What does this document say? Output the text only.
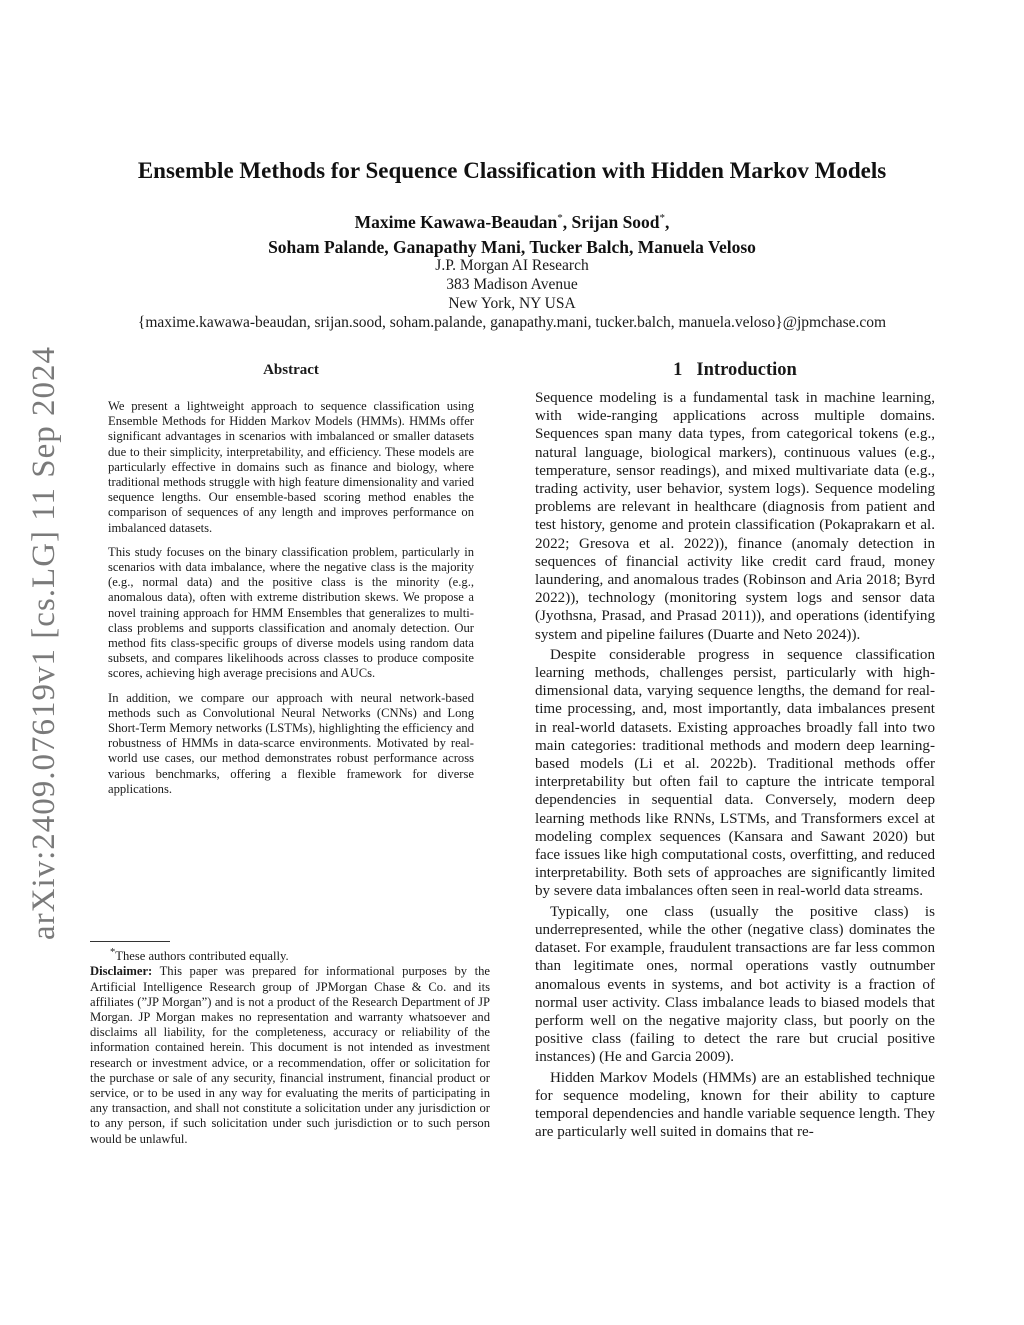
arXiv:2409.07619v1 [cs.LG] 11 Sep 2024
Ensemble Methods for Sequence Classification with Hidden Markov Models
Maxime Kawawa-Beaudan*, Srijan Sood*,
Soham Palande, Ganapathy Mani, Tucker Balch, Manuela Veloso
J.P. Morgan AI Research
383 Madison Avenue
New York, NY USA
{maxime.kawawa-beaudan, srijan.sood, soham.palande, ganapathy.mani, tucker.balch, manuela.veloso}@jpmchase.com
Abstract

We present a lightweight approach to sequence classification using Ensemble Methods for Hidden Markov Models (HMMs). HMMs offer significant advantages in scenarios with imbalanced or smaller datasets due to their simplicity, interpretability, and efficiency. These models are particularly effective in domains such as finance and biology, where traditional methods struggle with high feature dimensionality and varied sequence lengths. Our ensemble-based scoring method enables the comparison of sequences of any length and improves performance on imbalanced datasets.

This study focuses on the binary classification problem, particularly in scenarios with data imbalance, where the negative class is the majority (e.g., normal data) and the positive class is the minority (e.g., anomalous data), often with extreme distribution skews. We propose a novel training approach for HMM Ensembles that generalizes to multi-class problems and supports classification and anomaly detection. Our method fits class-specific groups of diverse models using random data subsets, and compares likelihoods across classes to produce composite scores, achieving high average precisions and AUCs.

In addition, we compare our approach with neural network-based methods such as Convolutional Neural Networks (CNNs) and Long Short-Term Memory networks (LSTMs), highlighting the efficiency and robustness of HMMs in data-scarce environments. Motivated by real-world use cases, our method demonstrates robust performance across various benchmarks, offering a flexible framework for diverse applications.

*These authors contributed equally.

Disclaimer: This paper was prepared for informational purposes by the Artificial Intelligence Research group of JPMorgan Chase & Co. and its affiliates (”JP Morgan”) and is not a product of the Research Department of JP Morgan. JP Morgan makes no representation and warranty whatsoever and disclaims all liability, for the completeness, accuracy or reliability of the information contained herein. This document is not intended as investment research or investment advice, or a recommendation, offer or solicitation for the purchase or sale of any security, financial instrument, financial product or service, or to be used in any way for evaluating the merits of participating in any transaction, and shall not constitute a solicitation under any jurisdiction or to any person, if such solicitation under such jurisdiction or to such person would be unlawful.

1 Introduction

Sequence modeling is a fundamental task in machine learning, with wide-ranging applications across multiple domains. Sequences span many data types, from categorical tokens (e.g., natural language, biological markers), continuous values (e.g., temperature, sensor readings), and mixed multivariate data (e.g., trading activity, user behavior, system logs). Sequence modeling problems are relevant in healthcare (diagnosis from patient and test history, genome and protein classification (Pokaprakarn et al. 2022; Gresova et al. 2022)), finance (anomaly detection in sequences of financial activity like credit card fraud, money laundering, and anomalous trades (Robinson and Aria 2018; Byrd 2022)), technology (monitoring system logs and sensor data (Jyothsna, Prasad, and Prasad 2011)), and operations (identifying system and pipeline failures (Duarte and Neto 2024)).

Despite considerable progress in sequence classification learning methods, challenges persist, particularly with high-dimensional data, varying sequence lengths, the demand for real-time processing, and, most importantly, data imbalances present in real-world datasets. Existing approaches broadly fall into two main categories: traditional methods and modern deep learning-based models (Li et al. 2022b). Traditional methods offer interpretability but often fail to capture the intricate temporal dependencies in sequential data. Conversely, modern deep learning methods like RNNs, LSTMs, and Transformers excel at modeling complex sequences (Kansara and Sawant 2020) but face issues like high computational costs, overfitting, and reduced interpretability. Both sets of approaches are significantly limited by severe data imbalances often seen in real-world data streams.

Typically, one class (usually the positive class) is underrepresented, while the other (negative class) dominates the dataset. For example, fraudulent transactions are far less common than legitimate ones, normal operations vastly outnumber anomalous events in systems, and bot activity is a fraction of normal user activity. Class imbalance leads to biased models that perform well on the negative majority class, but poorly on the positive class (failing to detect the rare but crucial positive instances) (He and Garcia 2009).

Hidden Markov Models (HMMs) are an established technique for sequence modeling, known for their ability to capture temporal dependencies and handle variable sequence length. They are particularly well suited in domains that re-
